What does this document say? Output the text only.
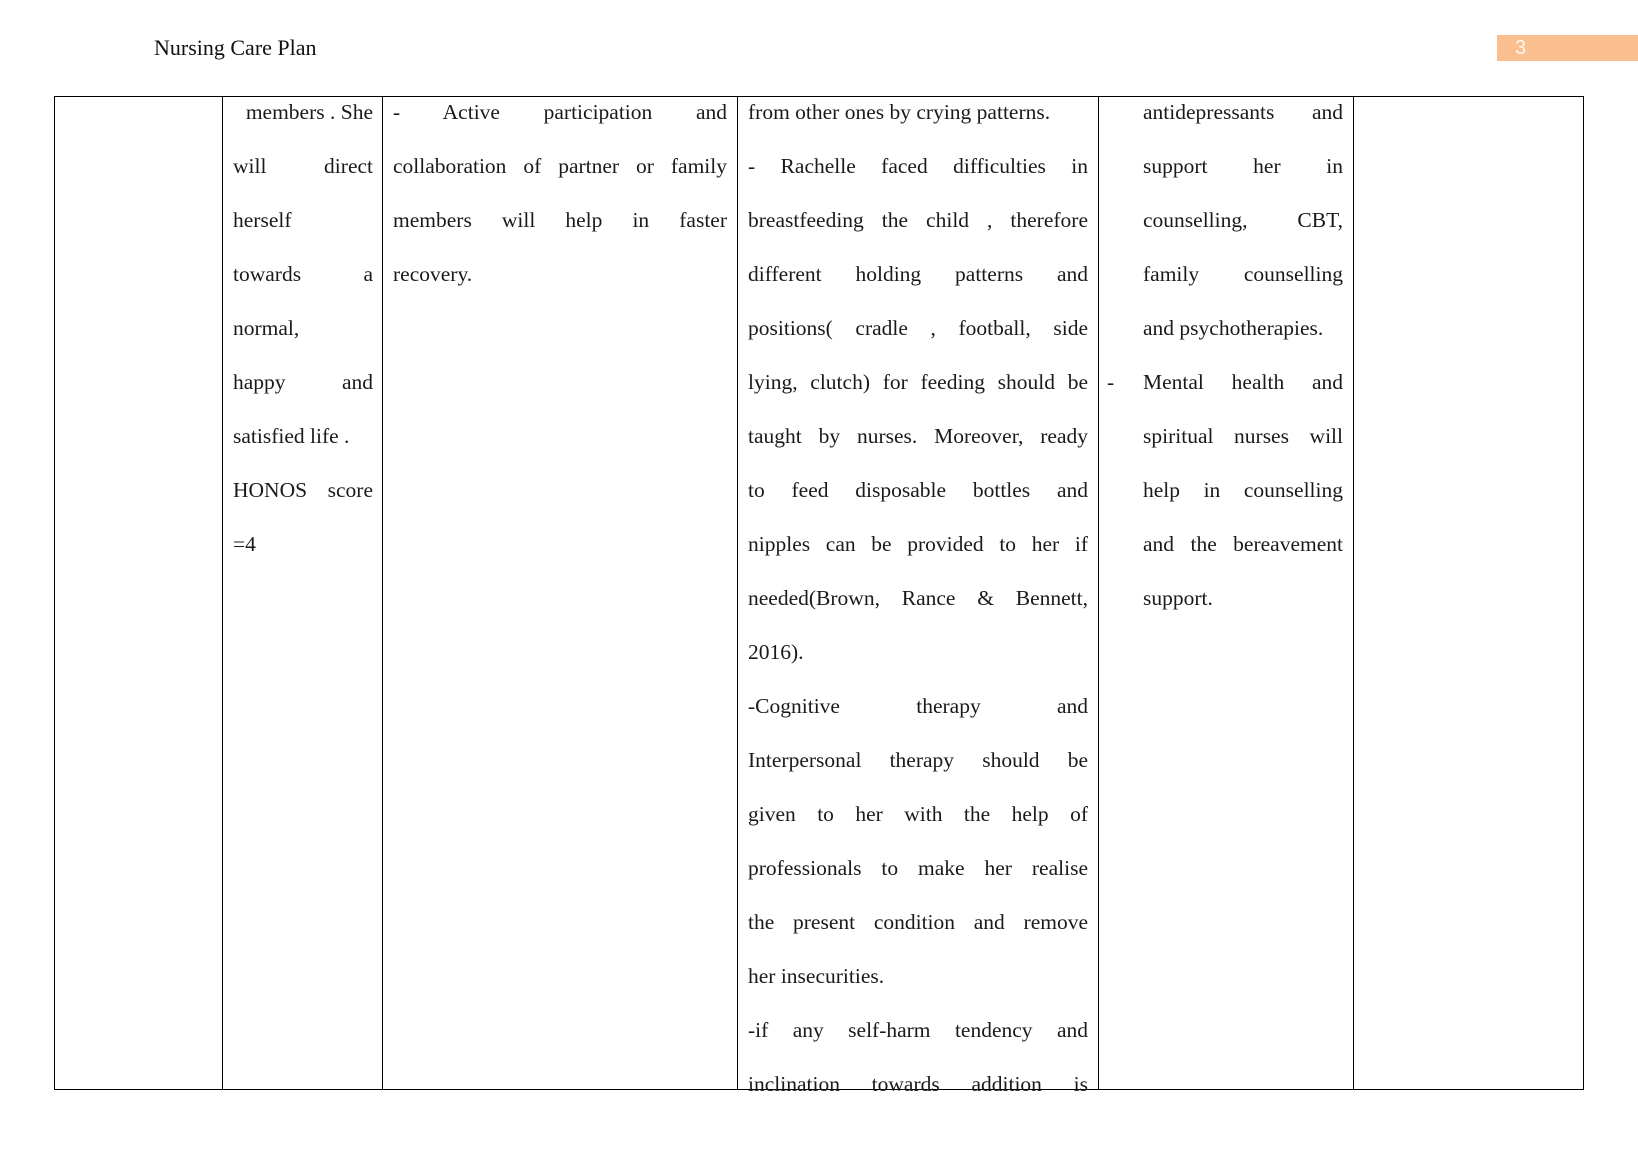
Nursing Care Plan	3
members . She
will direct
herself
towards a
normal,
happy and
satisfied life .
HONOS score
=4
- Active participation and
collaboration of partner or family
members will help in faster
recovery.
from other ones by crying patterns.
- Rachelle faced difficulties in
breastfeeding the child , therefore
different holding patterns and
positions( cradle , football, side
lying, clutch) for feeding should be
taught by nurses. Moreover, ready
to feed disposable bottles and
nipples can be provided to her if
needed(Brown, Rance & Bennett,
2016).
-Cognitive therapy and
Interpersonal therapy should be
given to her with the help of
professionals to make her realise
the present condition and remove
her insecurities.
-if any self-harm tendency and
inclination towards addition is
antidepressants and
support her in
counselling, CBT,
family counselling
and psychotherapies.
- Mental health and
spiritual nurses will
help in counselling
and the bereavement
support.
